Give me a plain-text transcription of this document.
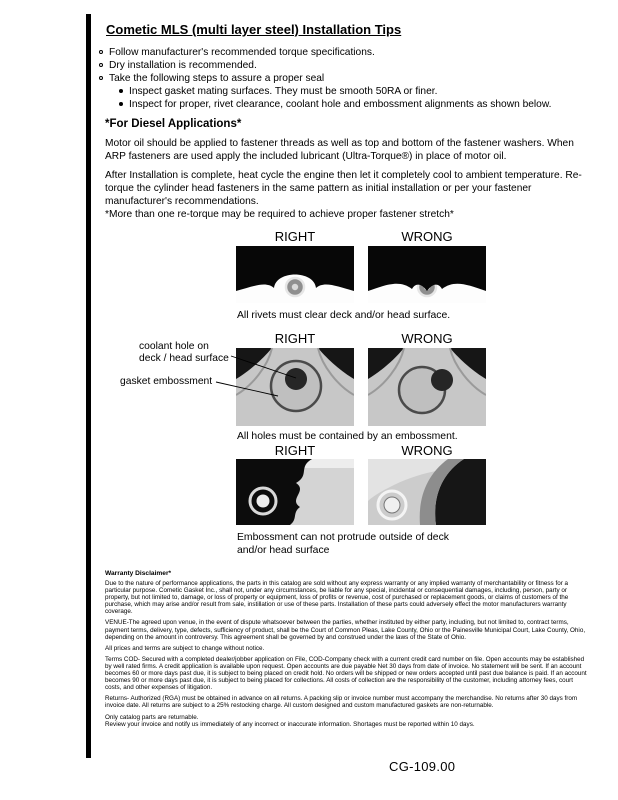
Cometic MLS (multi layer steel) Installation Tips
Follow manufacturer's recommended torque specifications.
Dry installation is recommended.
Take the following steps to assure a proper seal
Inspect gasket mating surfaces. They must be smooth 50RA or finer.
Inspect for proper, rivet clearance, coolant hole and embossment alignments as shown below.
*For Diesel Applications*

Motor oil should be applied to fastener threads as well as top and bottom of the fastener washers. When ARP fasteners are used apply the included lubricant (Ultra-Torque®) in place of motor oil.

After Installation is complete, heat cycle the engine then let it completely cool to ambient temperature. Re-torque the cylinder head fasteners in the same pattern as initial installation or per your fastener manufacturer's recommendations.

*More than one re-torque may be required to achieve proper fastener stretch*

RIGHT	WRONG
All rivets must clear deck and/or head surface.
RIGHT	WRONG
All holes must be contained by an embossment.
coolant hole on
deck / head surface
gasket embossment
RIGHT	WRONG
Embossment can not protrude outside of deck
and/or head surface
Warranty Disclaimer*

Due to the nature of performance applications, the parts in this catalog are sold without any express warranty or any implied warranty of merchantability or fitness for a particular purpose. Cometic Gasket Inc., shall not, under any circumstances, be liable for any special, incidental or consequential damages, including, person, party or property, but not limited to, damage, or loss of property or equipment, loss of profits or revenue, cost of purchased or replacement goods, or claims of customers of the purchase, which may arise and/or result from sale, instillation or use of these parts. Installation of these parts could adversely effect the motor manufacturers warranty coverage.

VENUE-The agreed upon venue, in the event of dispute whatsoever between the parties, whether instituted by either party, including, but not limited to, contract terms, payment terms, delivery, type, defects, sufficiency of product, shall be the Court of Common Pleas, Lake County, Ohio or the Painesville Municipal Court, Lake County, Ohio, depending on the amount in controversy. This agreement shall be governed by and construed under the laws of the State of Ohio.

All prices and terms are subject to change without notice.

Terms COD- Secured with a completed dealer/jobber application on File, COD-Company check with a current credit card number on file. Open accounts may be established by well rated firms. A credit application is available upon request. Open accounts are due payable Net 30 days from date of invoice. No statement will be sent. If an account becomes 60 or more days past due, it is subject to being placed on credit hold. No orders will be shipped or new orders accepted until past due balance is paid. If an account becomes 90 or more days past due, it is subject to being placed for collections. All costs of collection are the responsibility of the customer, including attorney fees, court costs, and other expenses of litigation.

Returns- Authorized (RGA) must be obtained in advance on all returns. A packing slip or invoice number must accompany the merchandise. No returns after 30 days from invoice date. All returns are subject to a 25% restocking charge. All custom designed and custom manufactured gaskets are non-returnable.

Only catalog parts are returnable.

Review your invoice and notify us immediately of any incorrect or inaccurate information. Shortages must be reported within 10 days.

CG-109.00
